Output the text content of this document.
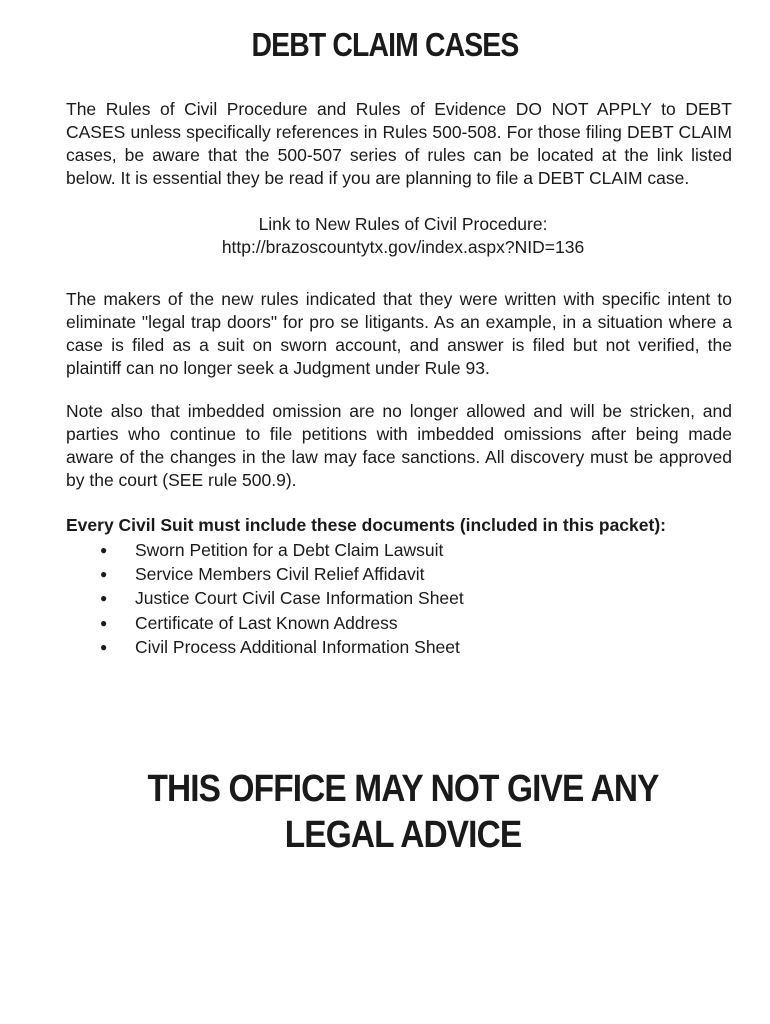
DEBT CLAIM CASES

The Rules of Civil Procedure and Rules of Evidence DO NOT APPLY to DEBT CASES unless specifically references in Rules 500-508. For those filing DEBT CLAIM cases, be aware that the 500-507 series of rules can be located at the link listed below. It is essential they be read if you are planning to file a DEBT CLAIM case.

Link to New Rules of Civil Procedure:
http://brazoscountytx.gov/index.aspx?NID=136

The makers of the new rules indicated that they were written with specific intent to eliminate "legal trap doors" for pro se litigants. As an example, in a situation where a case is filed as a suit on sworn account, and answer is filed but not verified, the plaintiff can no longer seek a Judgment under Rule 93.

Note also that imbedded omission are no longer allowed and will be stricken, and parties who continue to file petitions with imbedded omissions after being made aware of the changes in the law may face sanctions. All discovery must be approved by the court (SEE rule 500.9).

Every Civil Suit must include these documents (included in this packet):
● Sworn Petition for a Debt Claim Lawsuit
● Service Members Civil Relief Affidavit
● Justice Court Civil Case Information Sheet
● Certificate of Last Known Address
● Civil Process Additional Information Sheet
THIS OFFICE MAY NOT GIVE ANY
LEGAL ADVICE
